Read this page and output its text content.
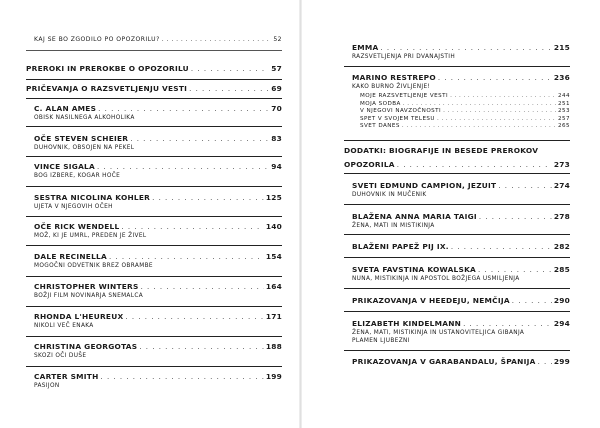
KAJ SE BO ZGODILO PO OPOZORILU? . . .	52
PREROKI IN PREROKBE O OPOZORILU . . .	57
PRIČEVANJA O RAZSVETLJENJU VESTI . . .	69
C. ALAN AMES . . .	70
OBISK NASILNEGA ALKOHOLIKA
OČE STEVEN SCHEIER . . .	83
DUHOVNIK, OBSOJEN NA PEKEL
VINCE SIGALA . . .	94
BOG IZBERE, KOGAR HOČE
SESTRA NICOLINA KOHLER . . .	125
UJETA V NJEGOVIH OČEH
OČE RICK WENDELL . . .	140
MOŽ, KI JE UMRL, PREDEN JE ŽIVEL
DALE RECINELLA . . .	154
MOGOČNI ODVETNIK BREZ OBRAMBE
CHRISTOPHER WINTERS . . .	164
BOŽJI FILM NOVINARJA SNEMALCA
RHONDA L'HEUREUX . . .	171
NIKOLI VEČ ENAKA
CHRISTINA GEORGOTAS . . .	188
SKOZI OČI DUŠE
CARTER SMITH . . .	199
PASIJON
EMMA . . .	215
RAZSVETLJENJA PRI DVANAJSTIH
MARINO RESTREPO . . .	236
KAKO BURNO ŽIVLJENJE!
MOJE RAZSVETLJENJE VESTI . . .	244
MOJA SODBA . . .	251
V NJEGOVI NAVZOČNOSTI . . .	253
SPET V SVOJEM TELESU . . .	257
SVET DANES . . .	265
DODATKI: BIOGRAFIJE IN BESEDE PREROKOV
OPOZORILA . . .	273
SVETI EDMUND CAMPION, JEZUIT . . .	274
DUHOVNIK IN MUČENIK
BLAŽENA ANNA MARIA TAIGI . . .	278
ŽENA, MATI IN MISTIKINJA
BLAŽENI PAPEŽ PIJ IX. . . .	282
SVETA FAVSTINA KOWALSKA . . .	285
NUNA, MISTIKINJA IN APOSTOL BOŽJEGA USMILJENJA
PRIKAZOVANJA V HEEDEJU, NEMČIJA . . .	290
ELIZABETH KINDELMANN . . .	294
ŽENA, MATI, MISTIKINJA IN USTANOVITELJICA GIBANJA
PLAMEN LJUBEZNI
PRIKAZOVANJA V GARABANDALU, ŠPANIJA . . . 299
